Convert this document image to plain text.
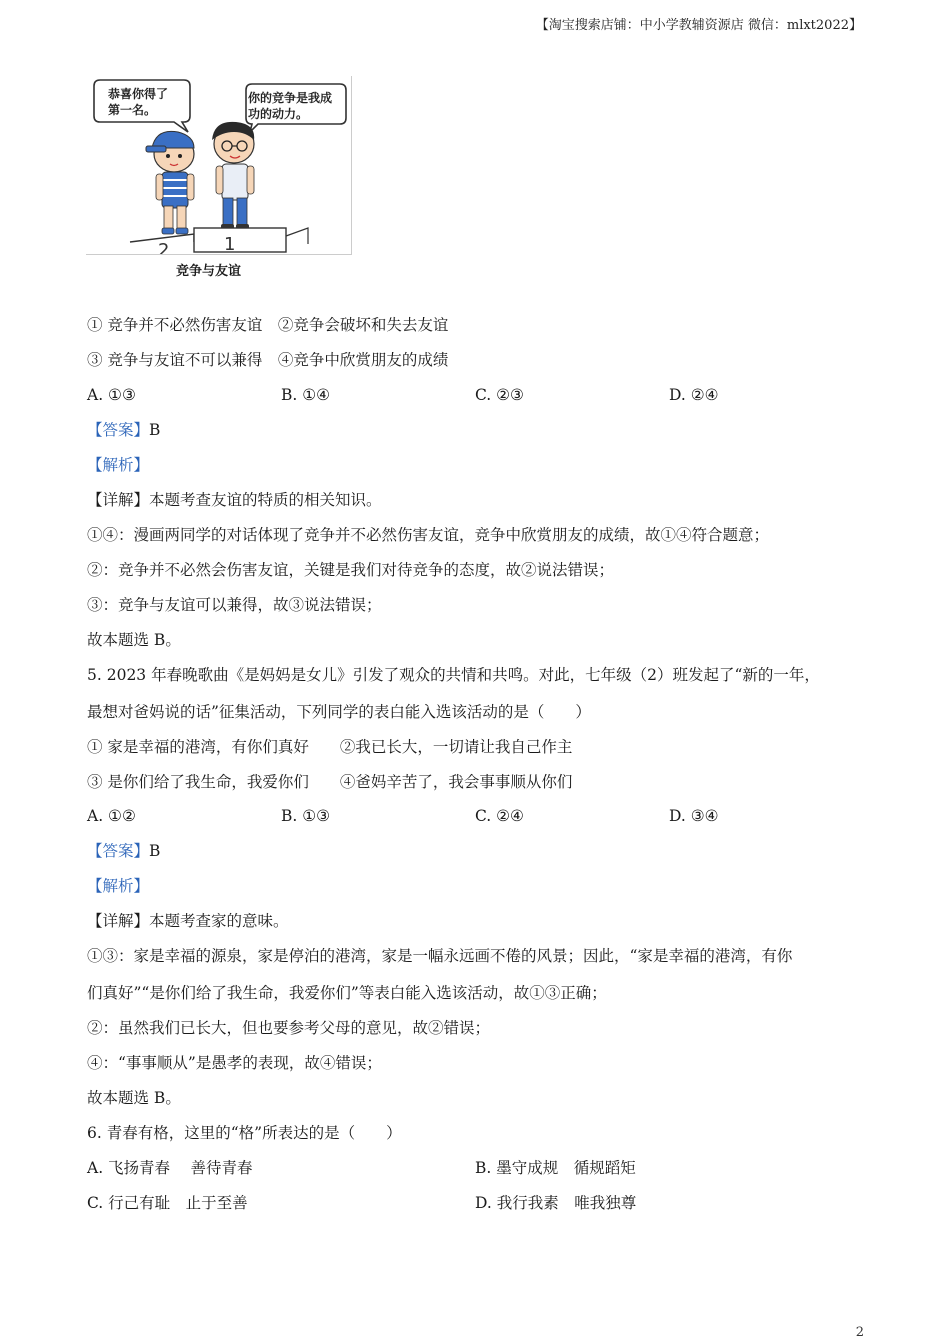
【淘宝搜索店铺：中小学教辅资源店 微信：mlxt2022】
恭喜你得了
第一名。
你的竞争是我成
功的动力。
2	1
竞争与友谊
① 竞争并不必然伤害友谊　②竞争会破坏和失去友谊
③ 竞争与友谊不可以兼得　④竞争中欣赏朋友的成绩
A. ①③	B. ①④	C. ②③	D. ②④
【答案】B
【解析】
【详解】本题考查友谊的特质的相关知识。
①④：漫画两同学的对话体现了竞争并不必然伤害友谊，竞争中欣赏朋友的成绩，故①④符合题意；
②：竞争并不必然会伤害友谊，关键是我们对待竞争的态度，故②说法错误；
③：竞争与友谊可以兼得，故③说法错误；
故本题选 B。
5. 2023 年春晚歌曲《是妈妈是女儿》引发了观众的共情和共鸣。对此，七年级（2）班发起了“新的一年，
最想对爸妈说的话”征集活动，下列同学的表白能入选该活动的是（　　）
① 家是幸福的港湾，有你们真好　　②我已长大，一切请让我自己作主
③ 是你们给了我生命，我爱你们　　④爸妈辛苦了，我会事事顺从你们
A. ①②	B. ①③	C. ②④	D. ③④
【答案】B
【解析】
【详解】本题考查家的意味。
①③：家是幸福的源泉，家是停泊的港湾，家是一幅永远画不倦的风景；因此，“家是幸福的港湾，有你
们真好”“是你们给了我生命，我爱你们”等表白能入选该活动，故①③正确；
②：虽然我们已长大，但也要参考父母的意见，故②错误；
④：“事事顺从”是愚孝的表现，故④错误；
故本题选 B。
6. 青春有格，这里的“格”所表达的是（　　）
A. 飞扬青春　 善待青春	B. 墨守成规　循规蹈矩
C. 行己有耻　止于至善	D. 我行我素　唯我独尊
2
